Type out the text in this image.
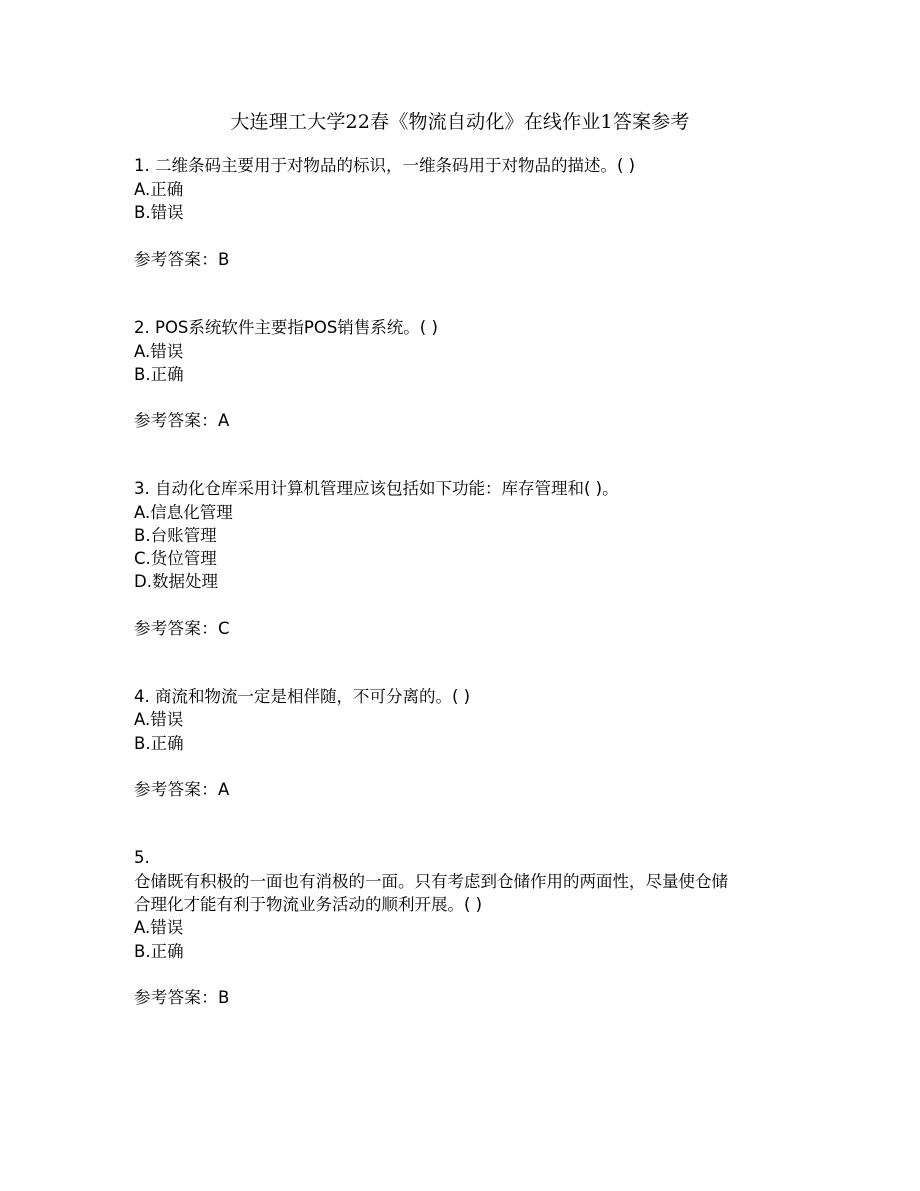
大连理工大学22春《物流自动化》在线作业1答案参考
1. 二维条码主要用于对物品的标识，一维条码用于对物品的描述。( )
A.正确
B.错误
参考答案：B
2. POS系统软件主要指POS销售系统。( )
A.错误
B.正确
参考答案：A
3. 自动化仓库采用计算机管理应该包括如下功能：库存管理和( )。
A.信息化管理
B.台账管理
C.货位管理
D.数据处理
参考答案：C
4. 商流和物流一定是相伴随，不可分离的。( )
A.错误
B.正确
参考答案：A
5.
仓储既有积极的一面也有消极的一面。只有考虑到仓储作用的两面性，尽量使仓储
合理化才能有利于物流业务活动的顺利开展。( )
A.错误
B.正确
参考答案：B
